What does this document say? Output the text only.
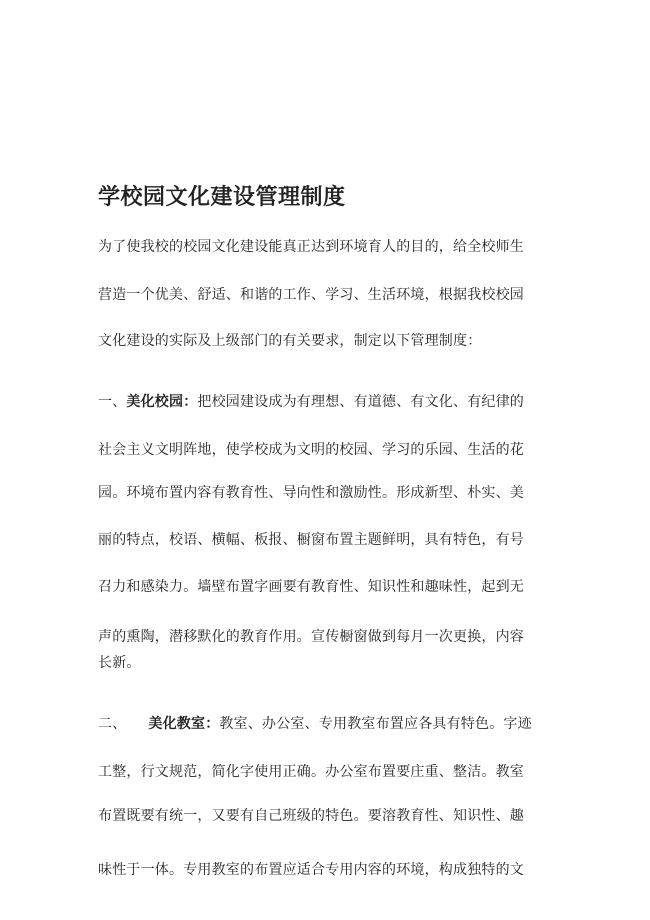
学校园文化建设管理制度
为了使我校的校园文化建设能真正达到环境育人的目的，给全校师生
营造一个优美、舒适、和谐的工作、学习、生活环境，根据我校校园
文化建设的实际及上级部门的有关要求，制定以下管理制度：
一、美化校园：把校园建设成为有理想、有道德、有文化、有纪律的
社会主义文明阵地，使学校成为文明的校园、学习的乐园、生活的花
园。环境布置内容有教育性、导向性和激励性。形成新型、朴实、美
丽的特点，校语、横幅、板报、橱窗布置主题鲜明，具有特色，有号
召力和感染力。墙壁布置字画要有教育性、知识性和趣味性，起到无
声的熏陶，潜移默化的教育作用。宣传橱窗做到每月一次更换，内容
长新。
二、 美化教室：教室、办公室、专用教室布置应各具有特色。字迹
工整，行文规范，简化字使用正确。办公室布置要庄重、整洁。教室
布置既要有统一，又要有自己班级的特色。要溶教育性、知识性、趣
味性于一体。专用教室的布置应适合专用内容的环境，构成独特的文
